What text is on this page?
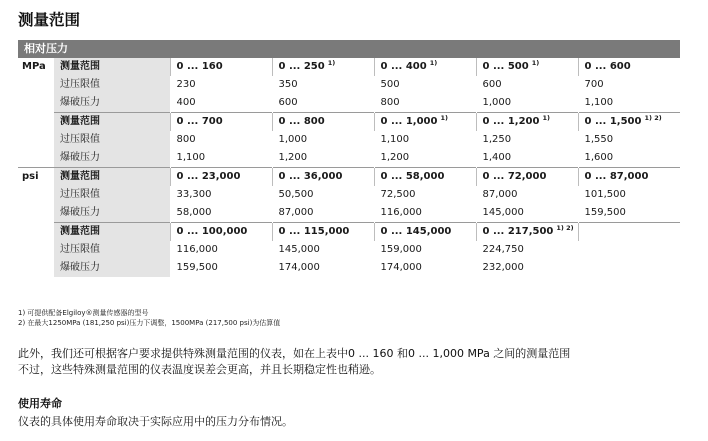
测量范围
相对压力
MPa	测量范围	0 ... 160	0 ... 250 $^{1)}$	0 ... 400 $^{1)}$	0 ... 500 $^{1)}$	0 ... 600
	过压限值	230	350	500	600	700
	爆破压力	400	600	800	1,000	1,100
	测量范围	0 ... 700	0 ... 800	0 ... 1,000 $^{1)}$	0 ... 1,200 $^{1)}$	0 ... 1,500 $^{1) 2)}$
	过压限值	800	1,000	1,100	1,250	1,550
	爆破压力	1,100	1,200	1,200	1,400	1,600
psi	测量范围	0 ... 23,000	0 ... 36,000	0 ... 58,000	0 ... 72,000	0 ... 87,000
	过压限值	33,300	50,500	72,500	87,000	101,500
	爆破压力	58,000	87,000	116,000	145,000	159,500
	测量范围	0 ... 100,000	0 ... 115,000	0 ... 145,000	0 ... 217,500 $^{1) 2)}$	
	过压限值	116,000	145,000	159,000	224,750	
	爆破压力	159,500	174,000	174,000	232,000	
1) 可提供配备Elgiloy®测量传感器的型号
2) 在最大1250MPa (181,250 psi)压力下调整，1500MPa (217,500 psi)为估算值
此外，我们还可根据客户要求提供特殊测量范围的仪表，如在上表中0 ... 160 和0 ... 1,000 MPa 之间的测量范围
不过，这些特殊测量范围的仪表温度误差会更高，并且长期稳定性也稍逊。
使用寿命
仪表的具体使用寿命取决于实际应用中的压力分布情况。
